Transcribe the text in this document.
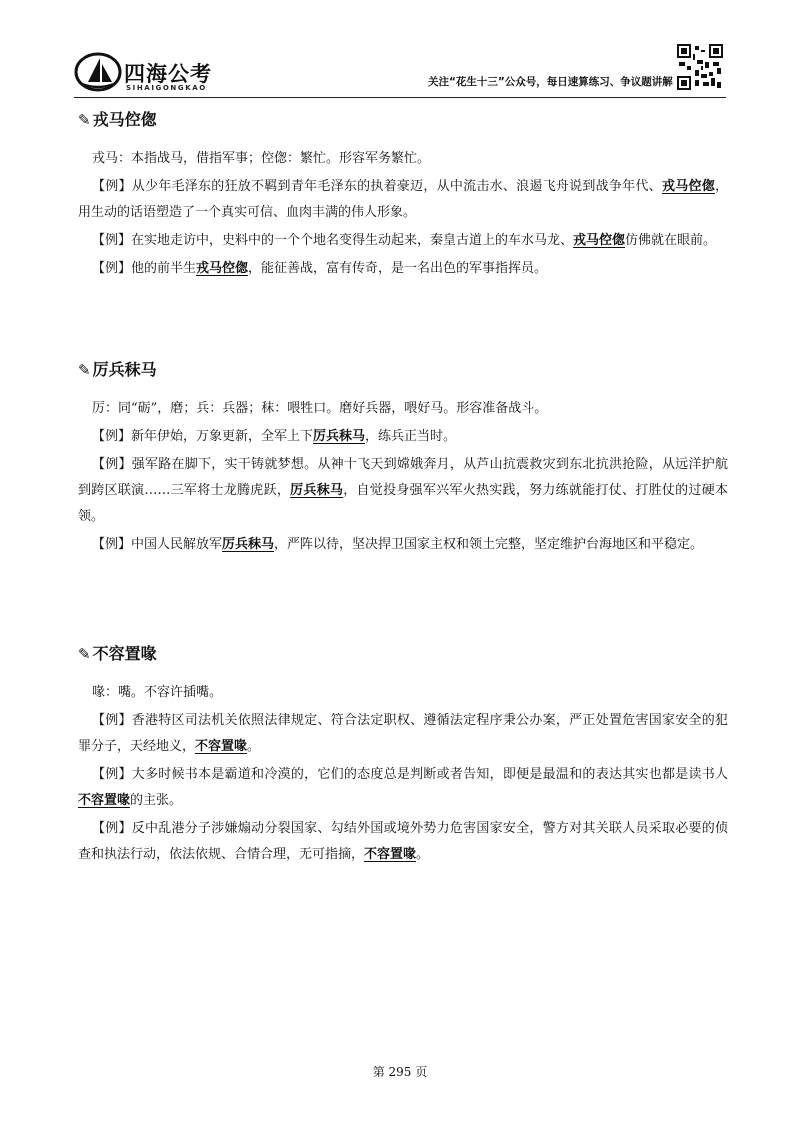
四海公考
SIHAIGONGKAO	关注“花生十三”公众号，每日速算练习、争议题讲解
✎ 戎马倥偬

戎马：本指战马，借指军事；倥偬：繁忙。形容军务繁忙。

【例】从少年毛泽东的狂放不羁到青年毛泽东的执着豪迈，从中流击水、浪遏飞舟说到战争年代、戎马倥偬，用生动的话语塑造了一个真实可信、血肉丰满的伟人形象。

【例】在实地走访中，史料中的一个个地名变得生动起来，秦皇古道上的车水马龙、戎马倥偬仿佛就在眼前。

【例】他的前半生戎马倥偬，能征善战，富有传奇，是一名出色的军事指挥员。

✎ 厉兵秣马

厉：同“砺”，磨；兵：兵器；秣：喂牲口。磨好兵器，喂好马。形容准备战斗。

【例】新年伊始，万象更新，全军上下厉兵秣马，练兵正当时。

【例】强军路在脚下，实干铸就梦想。从神十飞天到嫦娥奔月，从芦山抗震救灾到东北抗洪抢险，从远洋护航到跨区联演……三军将士龙腾虎跃，厉兵秣马，自觉投身强军兴军火热实践，努力练就能打仗、打胜仗的过硬本领。

【例】中国人民解放军厉兵秣马，严阵以待，坚决捍卫国家主权和领土完整，坚定维护台海地区和平稳定。

✎ 不容置喙

喙：嘴。不容许插嘴。

【例】香港特区司法机关依照法律规定、符合法定职权、遵循法定程序秉公办案，严正处置危害国家安全的犯罪分子，天经地义，不容置喙。

【例】大多时候书本是霸道和冷漠的，它们的态度总是判断或者告知，即便是最温和的表达其实也都是读书人不容置喙的主张。

【例】反中乱港分子涉嫌煽动分裂国家、勾结外国或境外势力危害国家安全，警方对其关联人员采取必要的侦查和执法行动，依法依规、合情合理，无可指摘，不容置喙。

第 295 页
